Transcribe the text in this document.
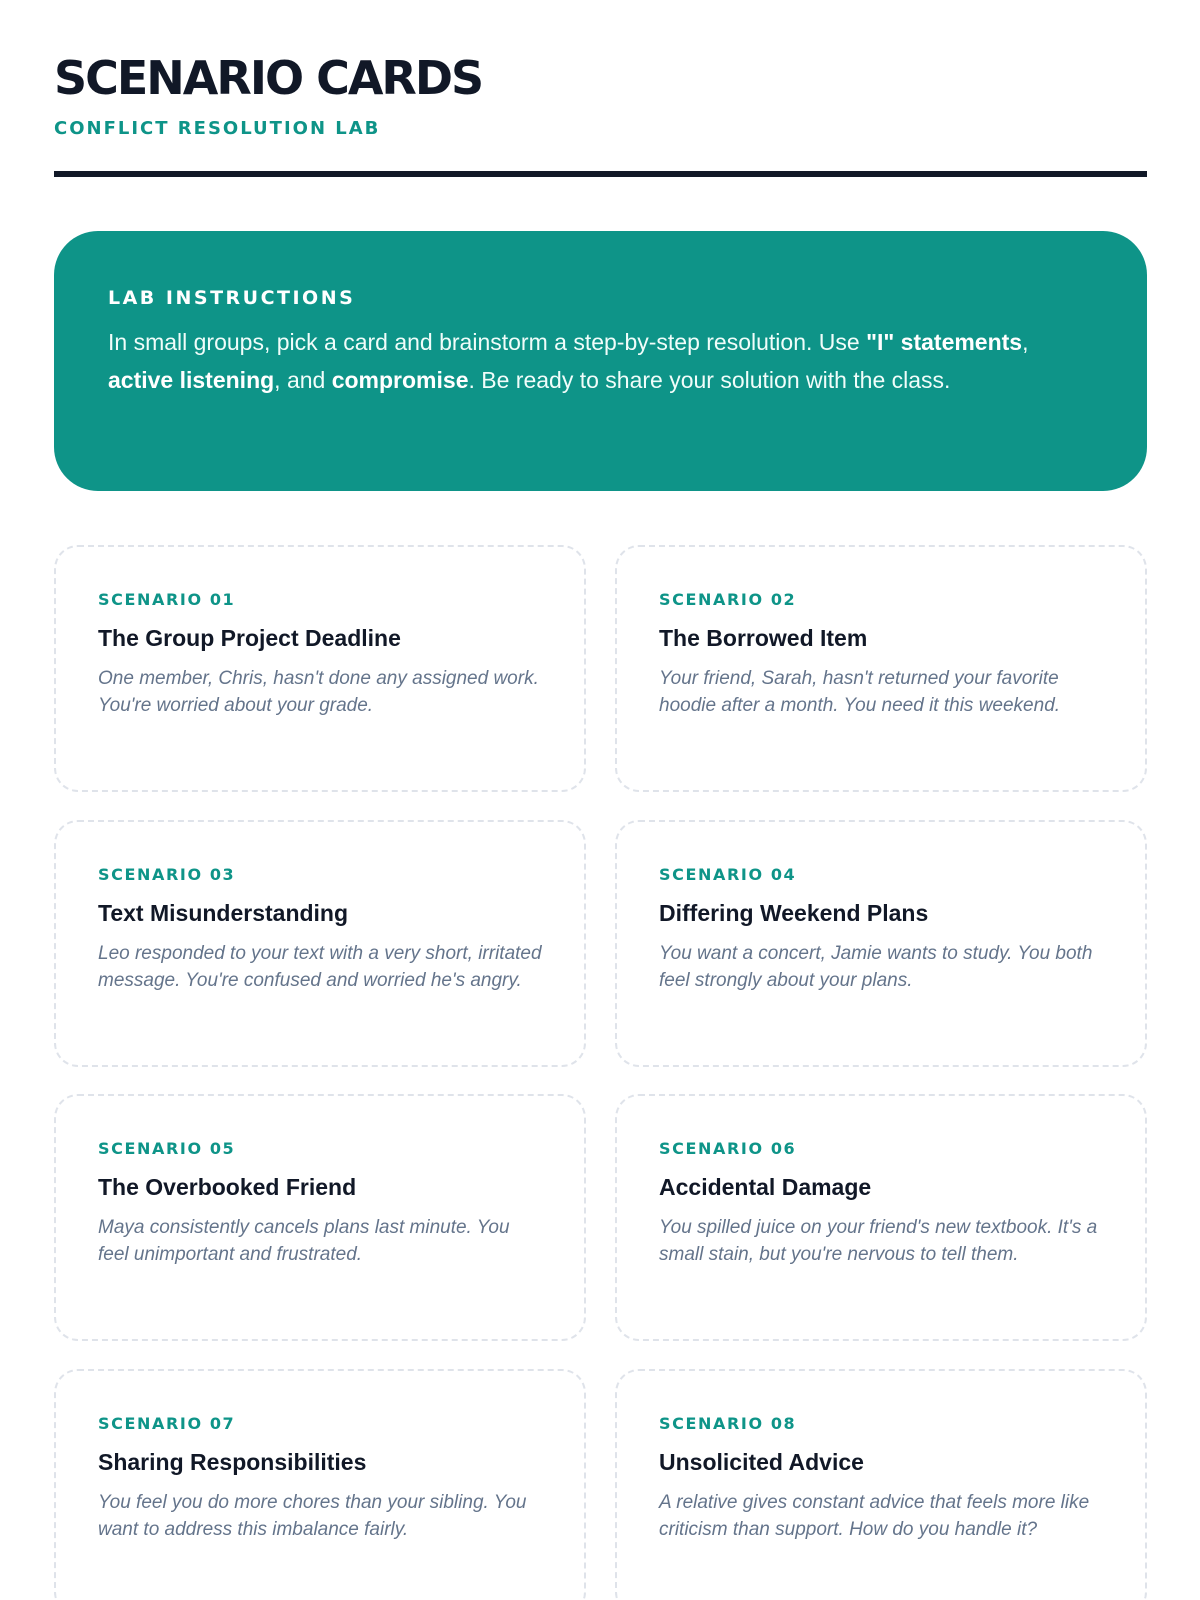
SCENARIO CARDS
CONFLICT RESOLUTION LAB
LAB INSTRUCTIONS

In small groups, pick a card and brainstorm a step-by-step resolution. Use "I" statements, active listening, and compromise. Be ready to share your solution with the class.

SCENARIO 01
The Group Project Deadline
One member, Chris, hasn't done any assigned work. You're worried about your grade.
SCENARIO 02
The Borrowed Item
Your friend, Sarah, hasn't returned your favorite hoodie after a month. You need it this weekend.
SCENARIO 03
Text Misunderstanding
Leo responded to your text with a very short, irritated message. You're confused and worried he's angry.
SCENARIO 04
Differing Weekend Plans
You want a concert, Jamie wants to study. You both feel strongly about your plans.
SCENARIO 05
The Overbooked Friend
Maya consistently cancels plans last minute. You feel unimportant and frustrated.
SCENARIO 06
Accidental Damage
You spilled juice on your friend's new textbook. It's a small stain, but you're nervous to tell them.
SCENARIO 07
Sharing Responsibilities
You feel you do more chores than your sibling. You want to address this imbalance fairly.
SCENARIO 08
Unsolicited Advice
A relative gives constant advice that feels more like criticism than support. How do you handle it?
